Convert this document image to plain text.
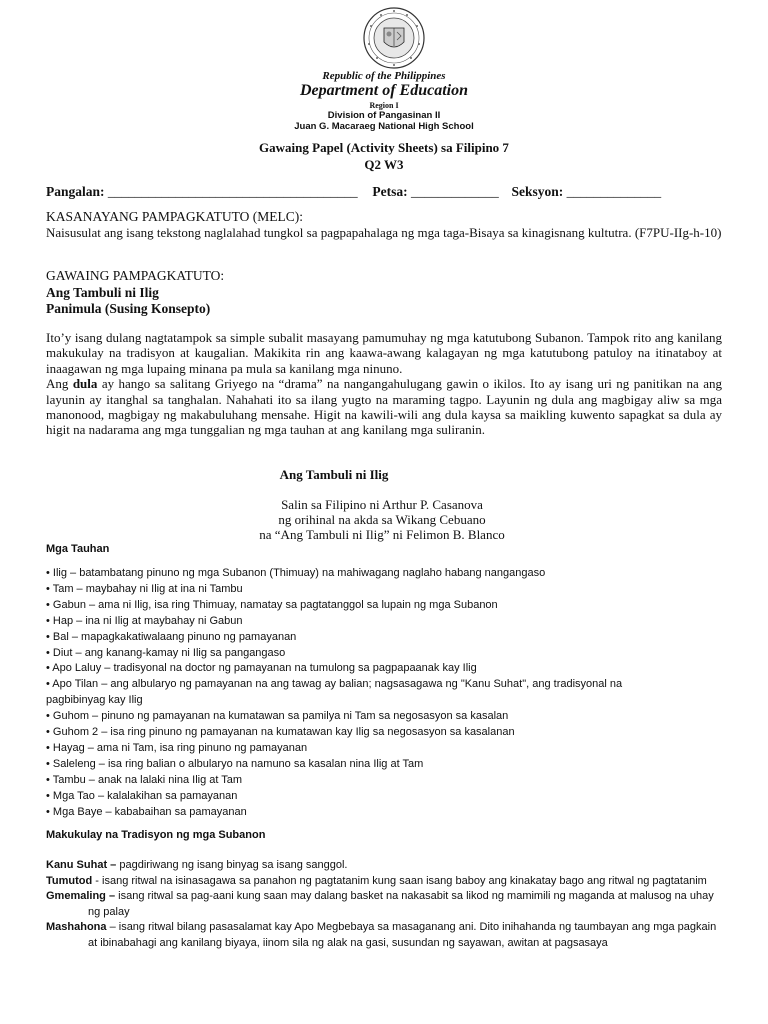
Republic of the Philippines
Department of Education
Region I
Division of Pangasinan II
Juan G. Macaraeg National High School
Gawaing Papel (Activity Sheets) sa Filipino 7
Q2 W3
Pangalan: _____________________________________ Petsa: _____________ Seksyon: ______________
KASANAYANG PAMPAGKATUTO (MELC):
Naisusulat ang isang tekstong naglalahad tungkol sa pagpapahalaga ng mga taga-Bisaya sa kinagisnang kultutra. (F7PU-IIg-h-10)
GAWAING PAMPAGKATUTO:
Ang Tambuli ni Ilig
Panimula (Susing Konsepto)

Ito’y isang dulang nagtatampok sa simple subalit masayang pamumuhay ng mga katutubong Subanon. Tampok rito ang kanilang makukulay na tradisyon at kaugalian. Makikita rin ang kaawa-awang kalagayan ng mga katutubong patuloy na itinataboy at inaagawan ng mga lupaing minana pa mula sa kanilang mga ninuno.

Ang dula ay hango sa salitang Griyego na “drama” na nangangahulugang gawin o ikilos. Ito ay isang uri ng panitikan na ang layunin ay itanghal sa tanghalan. Nahahati ito sa ilang yugto na maraming tagpo. Layunin ng dula ang magbigay aliw sa mga manonood, magbigay ng makabuluhang mensahe. Higit na kawili-wili ang dula kaysa sa maikling kuwento sapagkat sa dula ay higit na nadarama ang mga tunggalian ng mga tauhan at ang kanilang mga suliranin.

Ang Tambuli ni Ilig
Salin sa Filipino ni Arthur P. Casanova
ng orihinal na akda sa Wikang Cebuano
na “Ang Tambuli ni Ilig” ni Felimon B. Blanco
Mga Tauhan
• Ilig – batambatang pinuno ng mga Subanon (Thimuay) na mahiwagang naglaho habang nangangaso
• Tam – maybahay ni Ilig at ina ni Tambu
• Gabun – ama ni Ilig, isa ring Thimuay, namatay sa pagtatanggol sa lupain ng mga Subanon
• Hap – ina ni Ilig at maybahay ni Gabun
• Bal – mapagkakatiwalaang pinuno ng pamayanan
• Diut – ang kanang-kamay ni Ilig sa pangangaso
• Apo Laluy – tradisyonal na doctor ng pamayanan na tumulong sa pagpapaanak kay Ilig
• Apo Tilan – ang albularyo ng pamayanan na ang tawag ay balian; nagsasagawa ng "Kanu Suhat", ang tradisyonal na
pagbibinyag kay Ilig
• Guhom – pinuno ng pamayanan na kumatawan sa pamilya ni Tam sa negosasyon sa kasalan
• Guhom 2 – isa ring pinuno ng pamayanan na kumatawan kay Ilig sa negosasyon sa kasalanan
• Hayag – ama ni Tam, isa ring pinuno ng pamayanan
• Saleleng – isa ring balian o albularyo na namuno sa kasalan nina Ilig at Tam
• Tambu – anak na lalaki nina Ilig at Tam
• Mga Tao – kalalakihan sa pamayanan
• Mga Baye – kababaihan sa pamayanan
Makukulay na Tradisyon ng mga Subanon
Kanu Suhat – pagdiriwang ng isang binyag sa isang sanggol.
Tumutod - isang ritwal na isinasagawa sa panahon ng pagtatanim kung saan isang baboy ang kinakatay bago ang ritwal ng pagtatanim
Gmemaling – isang ritwal sa pag-aani kung saan may dalang basket na nakasabit sa likod ng mamimili ng maganda at malusog na uhay ng palay
Mashahona – isang ritwal bilang pasasalamat kay Apo Megbebaya sa masaganang ani. Dito inihahanda ng taumbayan ang mga pagkain at ibinabahagi ang kanilang biyaya, iinom sila ng alak na gasi, susundan ng sayawan, awitan at pagsasaya
